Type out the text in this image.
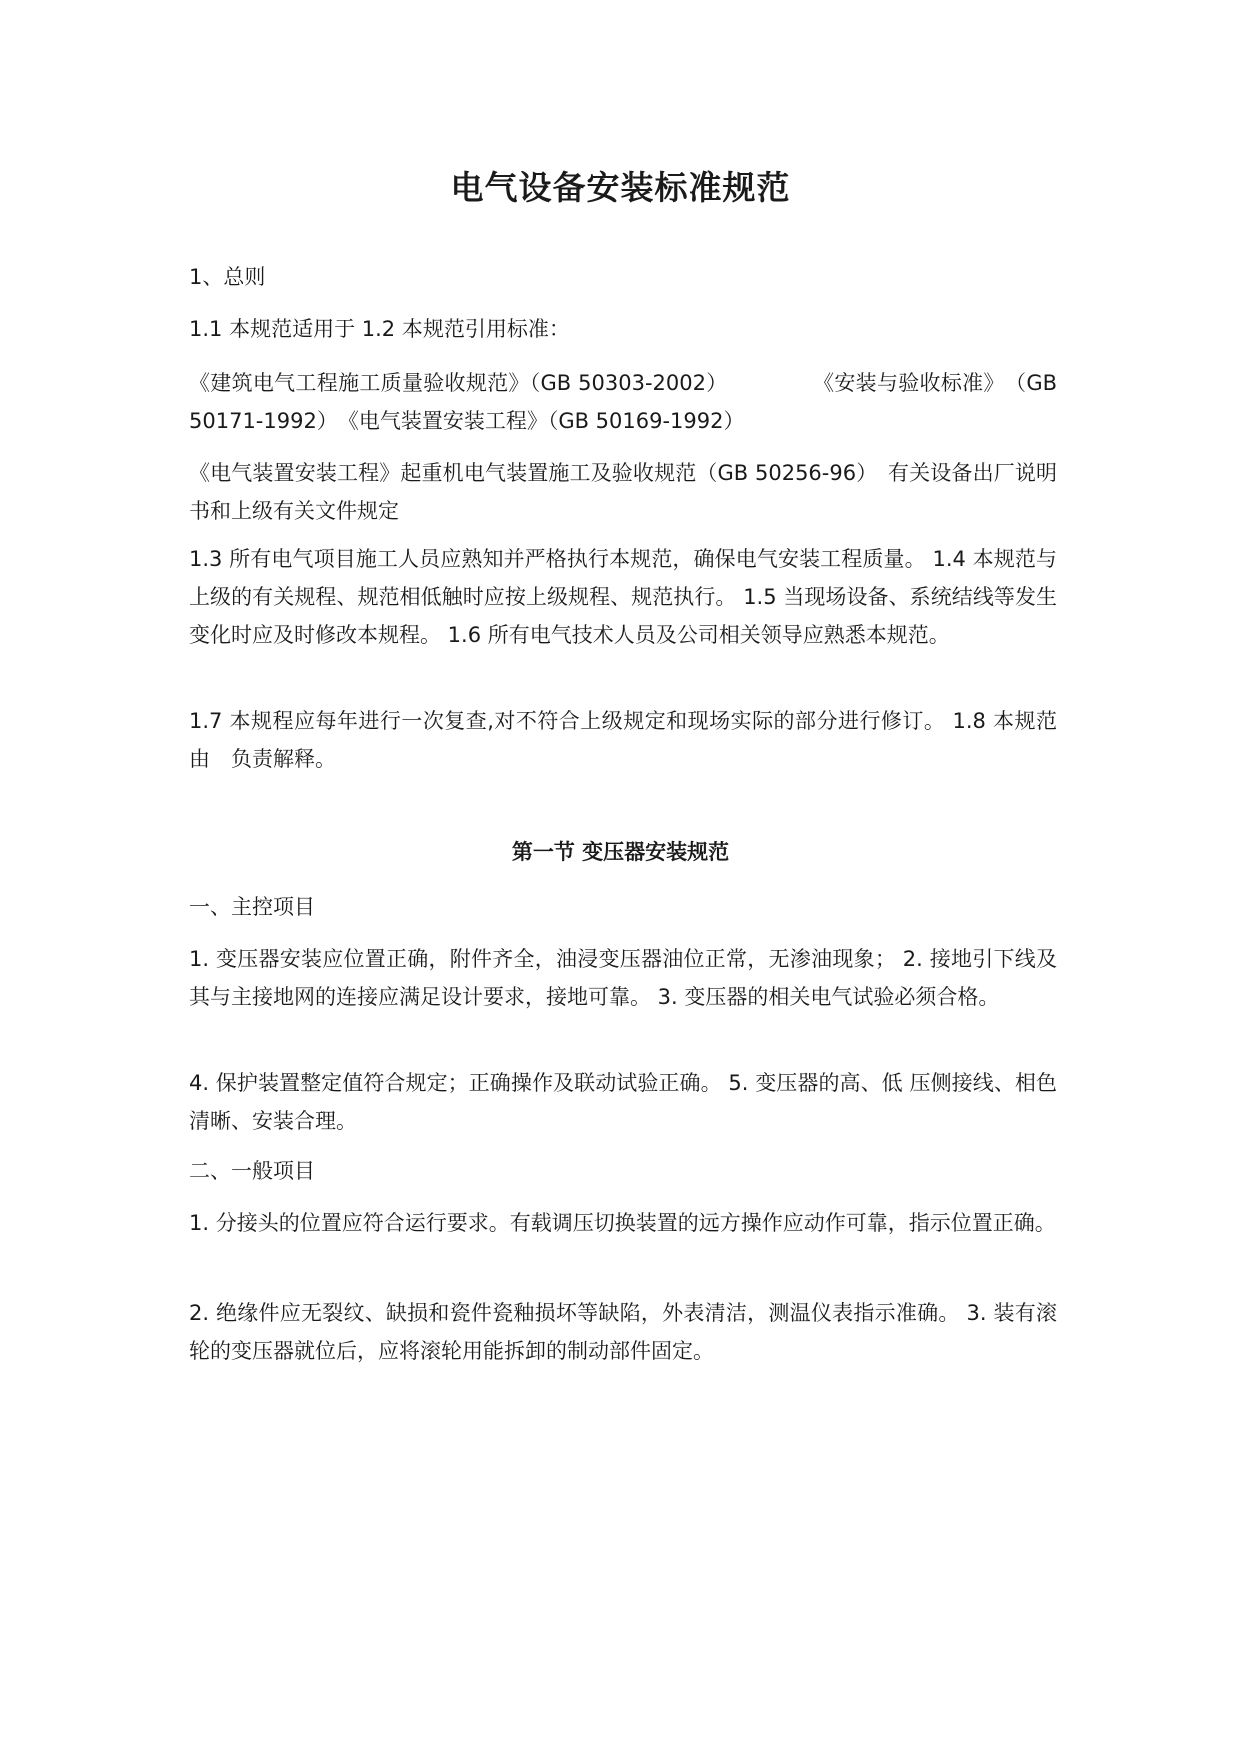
电气设备安装标准规范

1、总则

1.1 本规范适用于 1.2 本规范引用标准：

《建筑电气工程施工质量验收规范》（GB 50303-2002）　　　　　《安装与验收标准》　（GB 50171-1992）　《电气装置安装工程》（GB 50169-1992）

《电气装置安装工程》起重机电气装置施工及验收规范（GB 50256-96）　有关设备出厂说明书和上级有关文件规定

1.3 所有电气项目施工人员应熟知并严格执行本规范，确保电气安装工程质量。 1.4 本规范与上级的有关规程、规范相低触时应按上级规程、规范执行。 1.5 当现场设备、系统结线等发生变化时应及时修改本规程。 1.6 所有电气技术人员及公司相关领导应熟悉本规范。

1.7 本规程应每年进行一次复查,对不符合上级规定和现场实际的部分进行修订。 1.8 本规范由　负责解释。

第一节 变压器安装规范

一、主控项目

1. 变压器安装应位置正确，附件齐全，油浸变压器油位正常，无渗油现象； 2. 接地引下线及其与主接地网的连接应满足设计要求，接地可靠。 3. 变压器的相关电气试验必须合格。

4. 保护装置整定值符合规定；正确操作及联动试验正确。 5. 变压器的高、低 压侧接线、相色清晰、安装合理。

二、一般项目

1. 分接头的位置应符合运行要求。有载调压切换装置的远方操作应动作可靠，指示位置正确。

2. 绝缘件应无裂纹、缺损和瓷件瓷釉损坏等缺陷，外表清洁，测温仪表指示准确。 3. 装有滚轮的变压器就位后，应将滚轮用能拆卸的制动部件固定。
